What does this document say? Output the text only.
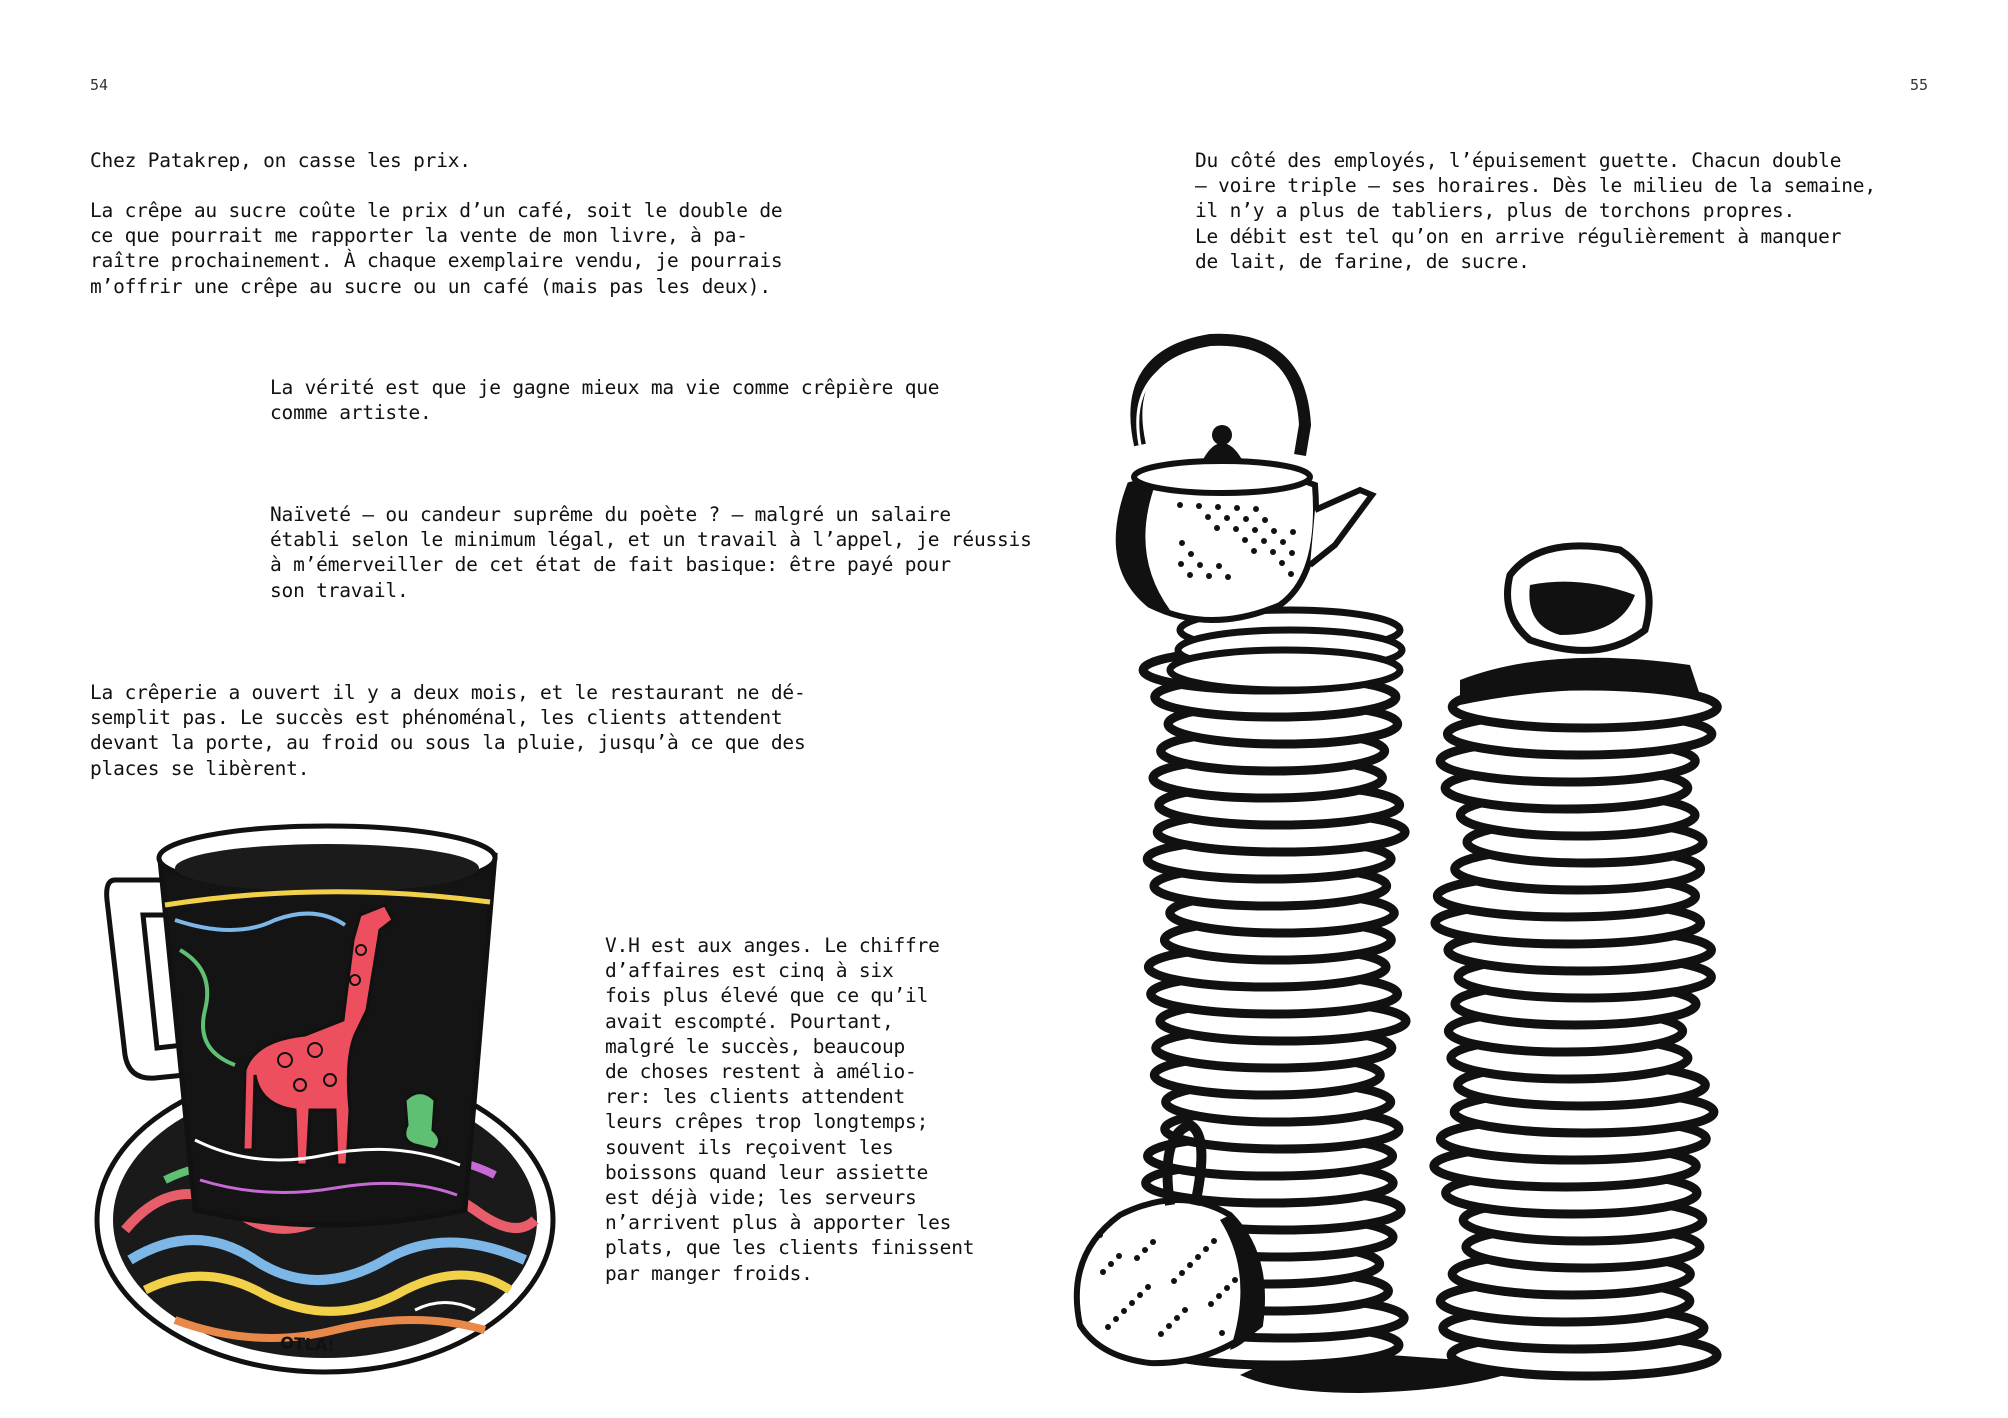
54	55

Chez Patakrep, on casse les prix.

La crêpe au sucre coûte le prix d’un café, soit le double de
ce que pourrait me rapporter la vente de mon livre, à pa-
raître prochainement. À chaque exemplaire vendu, je pourrais
m’offrir une crêpe au sucre ou un café (mais pas les deux).

La vérité est que je gagne mieux ma vie comme crêpière que
comme artiste.

Naïveté – ou candeur suprême du poète ? – malgré un salaire
établi selon le minimum légal, et un travail à l’appel, je réussis
à m’émerveiller de cet état de fait basique: être payé pour
son travail.

La crêperie a ouvert il y a deux mois, et le restaurant ne dé-
semplit pas. Le succès est phénoménal, les clients attendent
devant la porte, au froid ou sous la pluie, jusqu’à ce que des
places se libèrent.

V.H est aux anges. Le chiffre
d’affaires est cinq à six
fois plus élevé que ce qu’il
avait escompté. Pourtant,
malgré le succès, beaucoup
de choses restent à amélio-
rer: les clients attendent
leurs crêpes trop longtemps;
souvent ils reçoivent les
boissons quand leur assiette
est déjà vide; les serveurs
n’arrivent plus à apporter les
plats, que les clients finissent
par manger froids.

Du côté des employés, l’épuisement guette. Chacun double
– voire triple – ses horaires. Dès le milieu de la semaine,
il n’y a plus de tabliers, plus de torchons propres.
Le débit est tel qu’on en arrive régulièrement à manquer
de lait, de farine, de sucre.

OTLA!
